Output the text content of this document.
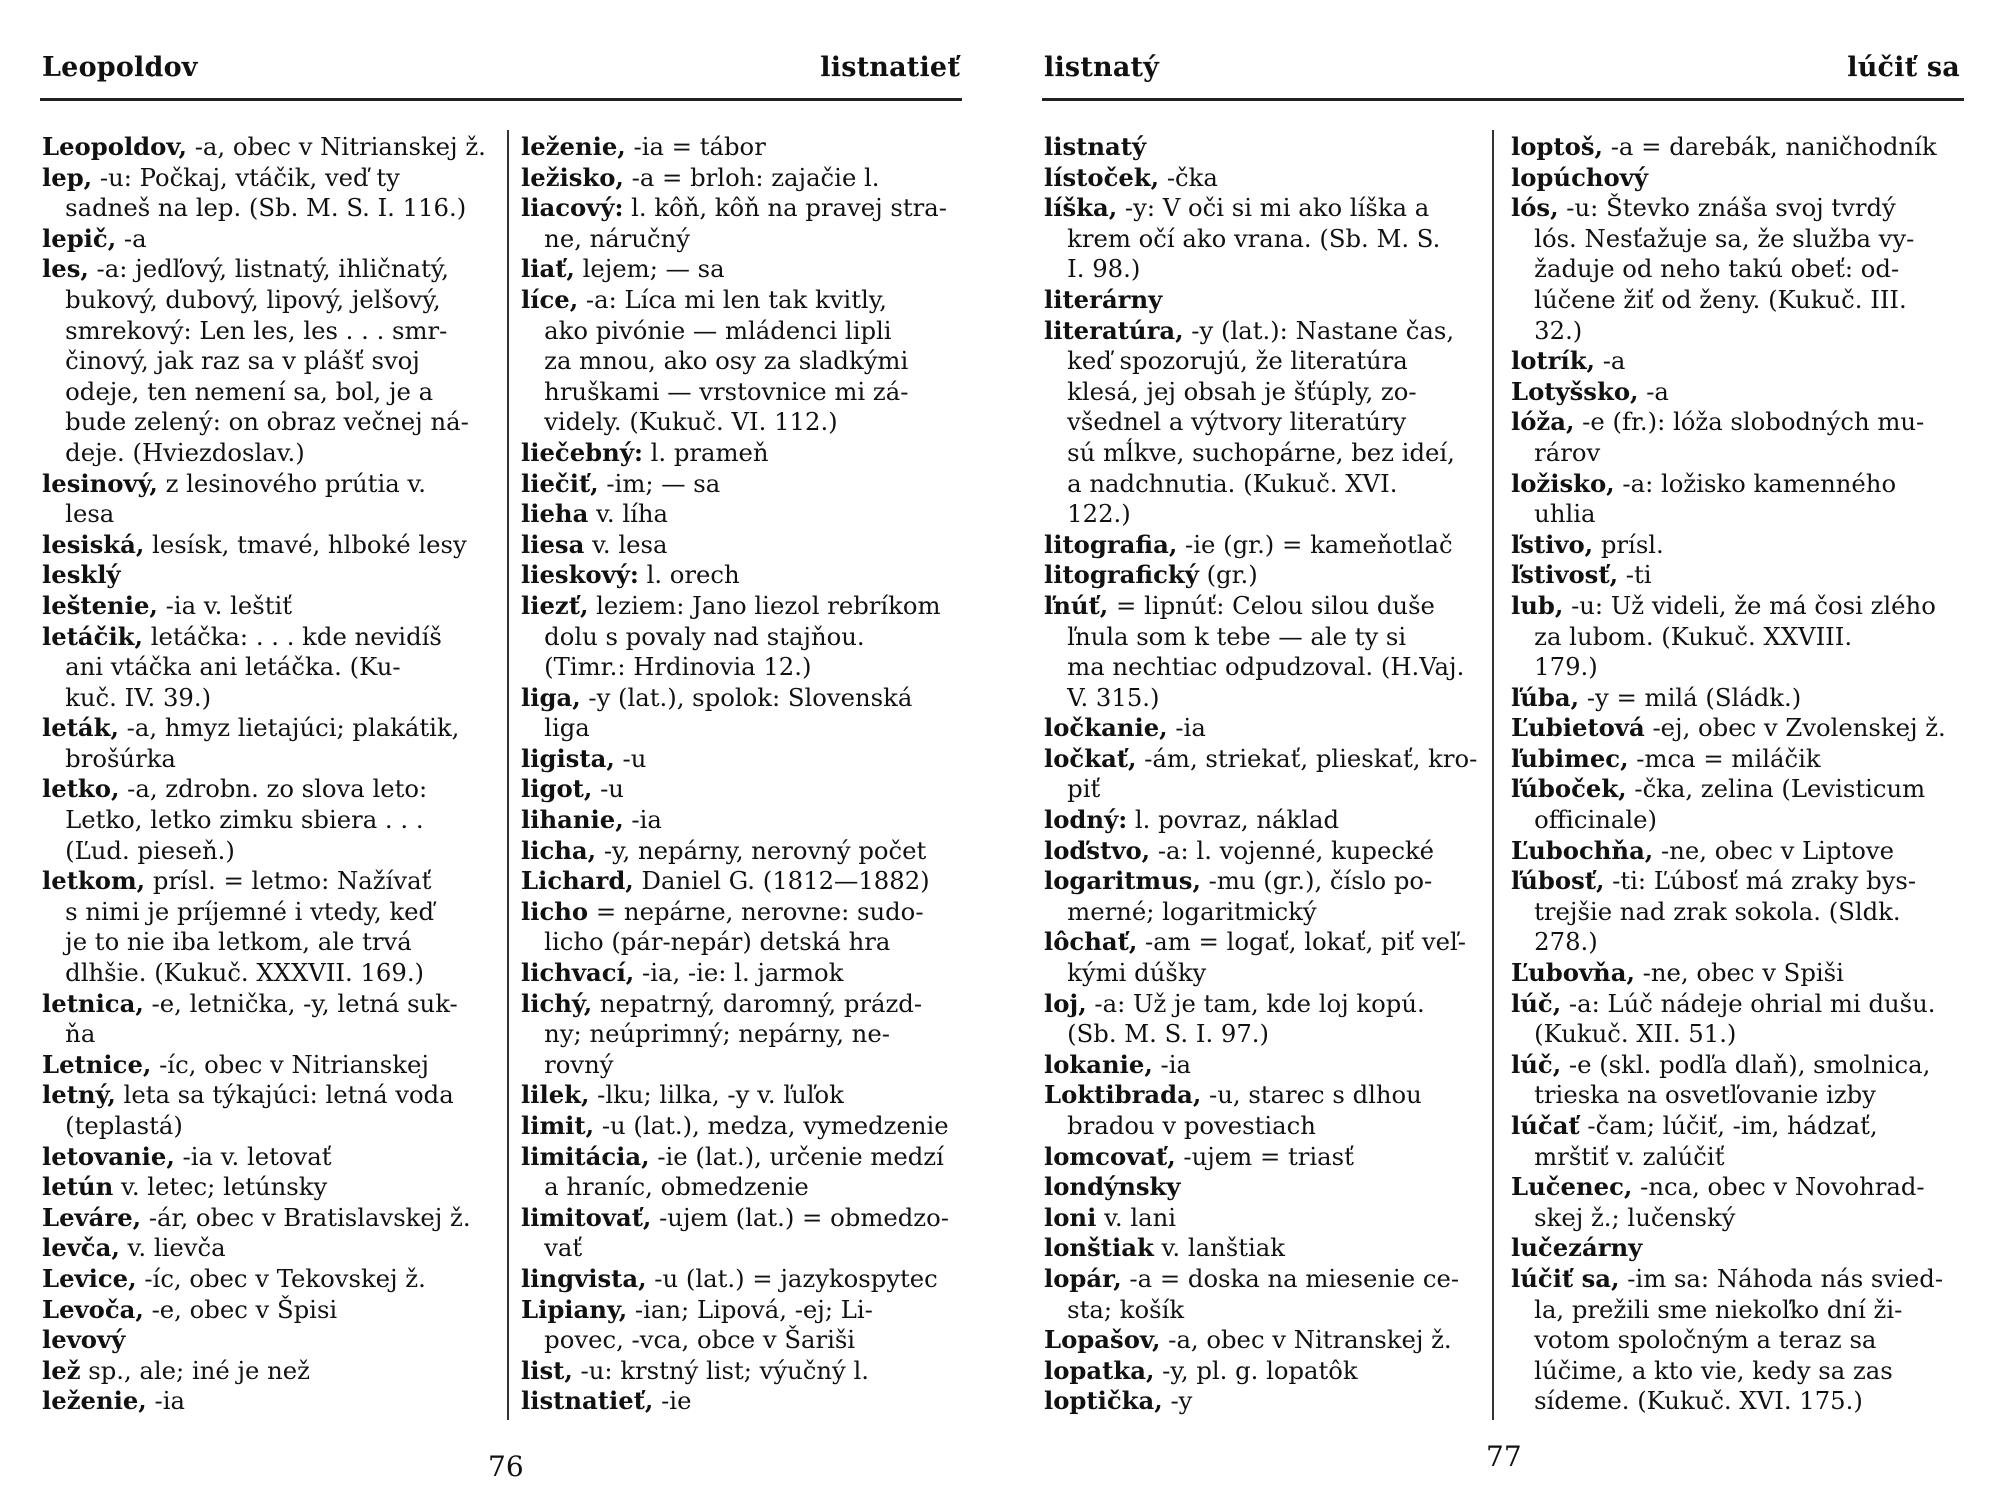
Leopoldov	listnatieť
Leopoldov, -a, obec v Nitrianskej ž.
lep, -u: Počkaj, vtáčik, veď ty
sadneš na lep. (Sb. M. S. I. 116.)
lepič, -a
les, -a: jedľový, listnatý, ihličnatý,
bukový, dubový, lipový, jelšový,
smrekový: Len les, les . . . smr-
činový, jak raz sa v plášť svoj
odeje, ten nemení sa, bol, je a
bude zelený: on obraz večnej ná-
deje. (Hviezdoslav.)
lesinový, z lesinového prútia v.
lesa
lesiská, lesísk, tmavé, hlboké lesy
lesklý
leštenie, -ia v. leštiť
letáčik, letáčka: . . . kde nevidíš
ani vtáčka ani letáčka. (Ku-
kuč. IV. 39.)
leták, -a, hmyz lietajúci; plakátik,
brošúrka
letko, -a, zdrobn. zo slova leto:
Letko, letko zimku sbiera . . .
(Ľud. pieseň.)
letkom, prísl. = letmo: Nažívať
s nimi je príjemné i vtedy, keď
je to nie iba letkom, ale trvá
dlhšie. (Kukuč. XXXVII. 169.)
letnica, -e, letnička, -y, letná suk-
ňa
Letnice, -íc, obec v Nitrianskej
letný, leta sa týkajúci: letná voda
(teplastá)
letovanie, -ia v. letovať
letún v. letec; letúnsky
Leváre, -ár, obec v Bratislavskej ž.
levča, v. lievča
Levice, -íc, obec v Tekovskej ž.
Levoča, -e, obec v Špisi
levový
lež sp., ale; iné je než
leženie, -ia
leženie, -ia = tábor
ležisko, -a = brloh: zajačie l.
liacový: l. kôň, kôň na pravej stra-
ne, náručný
liať, lejem; — sa
líce, -a: Líca mi len tak kvitly,
ako pivónie — mládenci lipli
za mnou, ako osy za sladkými
hruškami — vrstovnice mi zá-
videly. (Kukuč. VI. 112.)
liečebný: l. prameň
liečiť, -im; — sa
lieha v. líha
liesa v. lesa
lieskový: l. orech
liezť, leziem: Jano liezol rebríkom
dolu s povaly nad stajňou.
(Timr.: Hrdinovia 12.)
liga, -y (lat.), spolok: Slovenská
liga
ligista, -u
ligot, -u
lihanie, -ia
licha, -y, nepárny, nerovný počet
Lichard, Daniel G. (1812—1882)
licho = nepárne, nerovne: sudo-
licho (pár-nepár) detská hra
lichvací, -ia, -ie: l. jarmok
lichý, nepatrný, daromný, prázd-
ny; neúprimný; nepárny, ne-
rovný
lilek, -lku; lilka, -y v. ľuľok
limit, -u (lat.), medza, vymedzenie
limitácia, -ie (lat.), určenie medzí
a hraníc, obmedzenie
limitovať, -ujem (lat.) = obmedzo-
vať
lingvista, -u (lat.) = jazykospytec
Lipiany, -ian; Lipová, -ej; Li-
povec, -vca, obce v Šariši
list, -u: krstný list; výučný l.
listnatieť, -ie
76
listnatý	lúčiť sa
listnatý
lístoček, -čka
líška, -y: V oči si mi ako líška a
krem očí ako vrana. (Sb. M. S.
I. 98.)
literárny
literatúra, -y (lat.): Nastane čas,
keď spozorujú, že literatúra
klesá, jej obsah je šťúply, zo-
všednel a výtvory literatúry
sú mĺkve, suchopárne, bez ideí,
a nadchnutia. (Kukuč. XVI.
122.)
litografia, -ie (gr.) = kameňotlač
litografický (gr.)
ľnúť, = lipnúť: Celou silou duše
ľnula som k tebe — ale ty si
ma nechtiac odpudzoval. (H.Vaj.
V. 315.)
ločkanie, -ia
ločkať, -ám, striekať, plieskať, kro-
piť
lodný: l. povraz, náklad
loďstvo, -a: l. vojenné, kupecké
logaritmus, -mu (gr.), číslo po-
merné; logaritmický
lôchať, -am = logať, lokať, piť veľ-
kými dúšky
loj, -a: Už je tam, kde loj kopú.
(Sb. M. S. I. 97.)
lokanie, -ia
Loktibrada, -u, starec s dlhou
bradou v povestiach
lomcovať, -ujem = triasť
londýnsky
loni v. lani
lonštiak v. lanštiak
lopár, -a = doska na miesenie ce-
sta; košík
Lopašov, -a, obec v Nitranskej ž.
lopatka, -y, pl. g. lopatôk
loptička, -y
loptoš, -a = darebák, naničhodník
lopúchový
lós, -u: Števko znáša svoj tvrdý
lós. Nesťažuje sa, že služba vy-
žaduje od neho takú obeť: od-
lúčene žiť od ženy. (Kukuč. III.
32.)
lotrík, -a
Lotyšsko, -a
lóža, -e (fr.): lóža slobodných mu-
rárov
ložisko, -a: ložisko kamenného
uhlia
ľstivo, prísl.
ľstivosť, -ti
lub, -u: Už videli, že má čosi zlého
za lubom. (Kukuč. XXVIII.
179.)
ľúba, -y = milá (Sládk.)
Ľubietová -ej, obec v Zvolenskej ž.
ľubimec, -mca = miláčik
ľúboček, -čka, zelina (Levisticum
officinale)
Ľubochňa, -ne, obec v Liptove
ľúbosť, -ti: Ľúbosť má zraky bys-
trejšie nad zrak sokola. (Sldk.
278.)
Ľubovňa, -ne, obec v Spiši
lúč, -a: Lúč nádeje ohrial mi dušu.
(Kukuč. XII. 51.)
lúč, -e (skl. podľa dlaň), smolnica,
trieska na osvetľovanie izby
lúčať -čam; lúčiť, -im, hádzať,
mrštiť v. zalúčiť
Lučenec, -nca, obec v Novohrad-
skej ž.; lučenský
lučezárny
lúčiť sa, -im sa: Náhoda nás svied-
la, prežili sme niekoľko dní ži-
votom spoločným a teraz sa
lúčime, a kto vie, kedy sa zas
sídeme. (Kukuč. XVI. 175.)
77
